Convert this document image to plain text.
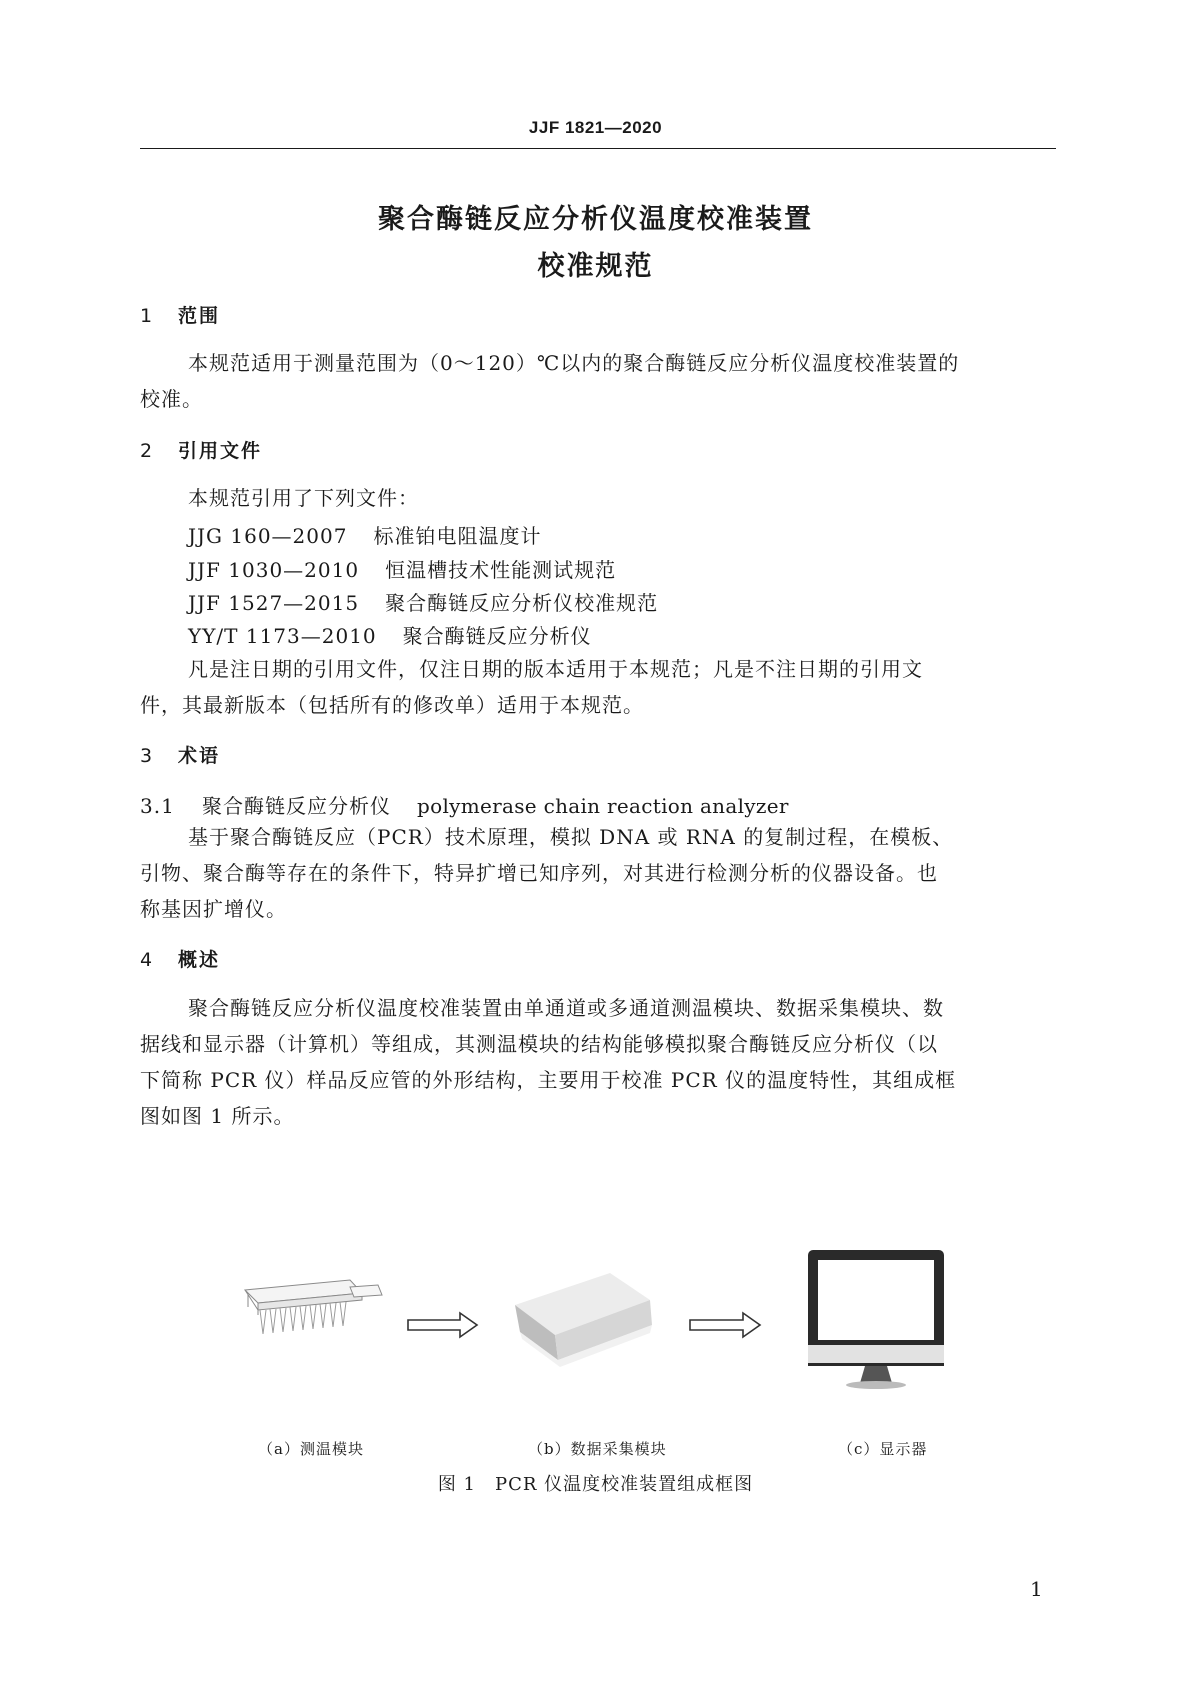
JJF 1821—2020
聚合酶链反应分析仪温度校准装置
校准规范
1 范围
本规范适用于测量范围为（0～120）℃以内的聚合酶链反应分析仪温度校准装置的
校准。
2 引用文件
本规范引用了下列文件：
JJG 160—2007 标准铂电阻温度计
JJF 1030—2010 恒温槽技术性能测试规范
JJF 1527—2015 聚合酶链反应分析仪校准规范
YY/T 1173—2010 聚合酶链反应分析仪
凡是注日期的引用文件，仅注日期的版本适用于本规范；凡是不注日期的引用文
件，其最新版本（包括所有的修改单）适用于本规范。
3 术语
3.1 聚合酶链反应分析仪 polymerase chain reaction analyzer
基于聚合酶链反应（PCR）技术原理，模拟 DNA 或 RNA 的复制过程，在模板、
引物、聚合酶等存在的条件下，特异扩增已知序列，对其进行检测分析的仪器设备。也
称基因扩增仪。
4 概述
聚合酶链反应分析仪温度校准装置由单通道或多通道测温模块、数据采集模块、数
据线和显示器（计算机）等组成，其测温模块的结构能够模拟聚合酶链反应分析仪（以
下简称 PCR 仪）样品反应管的外形结构，主要用于校准 PCR 仪的温度特性，其组成框
图如图 1 所示。
（a）测温模块	（b）数据采集模块	（c）显示器
图 1　PCR 仪温度校准装置组成框图
1
